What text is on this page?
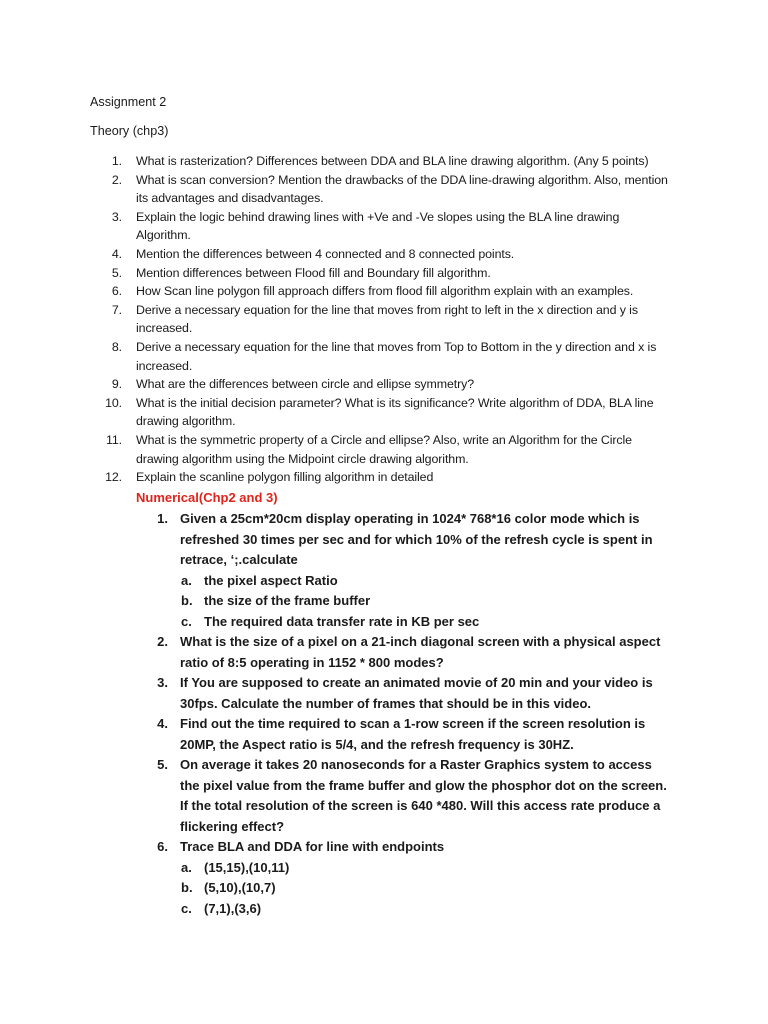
Assignment 2
Theory (chp3)
1. What is rasterization? Differences between DDA and BLA line drawing algorithm. (Any 5 points)
2. What is scan conversion? Mention the drawbacks of the DDA line-drawing algorithm. Also, mention its advantages and disadvantages.
3. Explain the logic behind drawing lines with +Ve and -Ve slopes using the BLA line drawing Algorithm.
4. Mention the differences between 4 connected and 8 connected points.
5. Mention differences between Flood fill and Boundary fill algorithm.
6. How Scan line polygon fill approach differs from flood fill algorithm explain with an examples.
7. Derive a necessary equation for the line that moves from right to left in the x direction and y is increased.
8. Derive a necessary equation for the line that moves from Top to Bottom in the y direction and x is increased.
9. What are the differences between circle and ellipse symmetry?
10. What is the initial decision parameter? What is its significance? Write algorithm of DDA, BLA line drawing algorithm.
11. What is the symmetric property of a Circle and ellipse? Also, write an Algorithm for the Circle drawing algorithm using the Midpoint circle drawing algorithm.
12. Explain the scanline polygon filling algorithm in detailed
Numerical(Chp2 and 3)
1. Given a 25cm*20cm display operating in 1024* 768*16 color mode which is refreshed 30 times per sec and for which 10% of the refresh cycle is spent in retrace, ‘;.calculate
a. the pixel aspect Ratio
b. the size of the frame buffer
c. The required data transfer rate in KB per sec
2. What is the size of a pixel on a 21-inch diagonal screen with a physical aspect ratio of 8:5 operating in 1152 * 800 modes?
3. If You are supposed to create an animated movie of 20 min and your video is 30fps. Calculate the number of frames that should be in this video.
4. Find out the time required to scan a 1-row screen if the screen resolution is 20MP, the Aspect ratio is 5/4, and the refresh frequency is 30HZ.
5. On average it takes 20 nanoseconds for a Raster Graphics system to access the pixel value from the frame buffer and glow the phosphor dot on the screen. If the total resolution of the screen is 640 *480. Will this access rate produce a flickering effect?
6. Trace BLA and DDA for line with endpoints
a. (15,15),(10,11)
b. (5,10),(10,7)
c. (7,1),(3,6)
